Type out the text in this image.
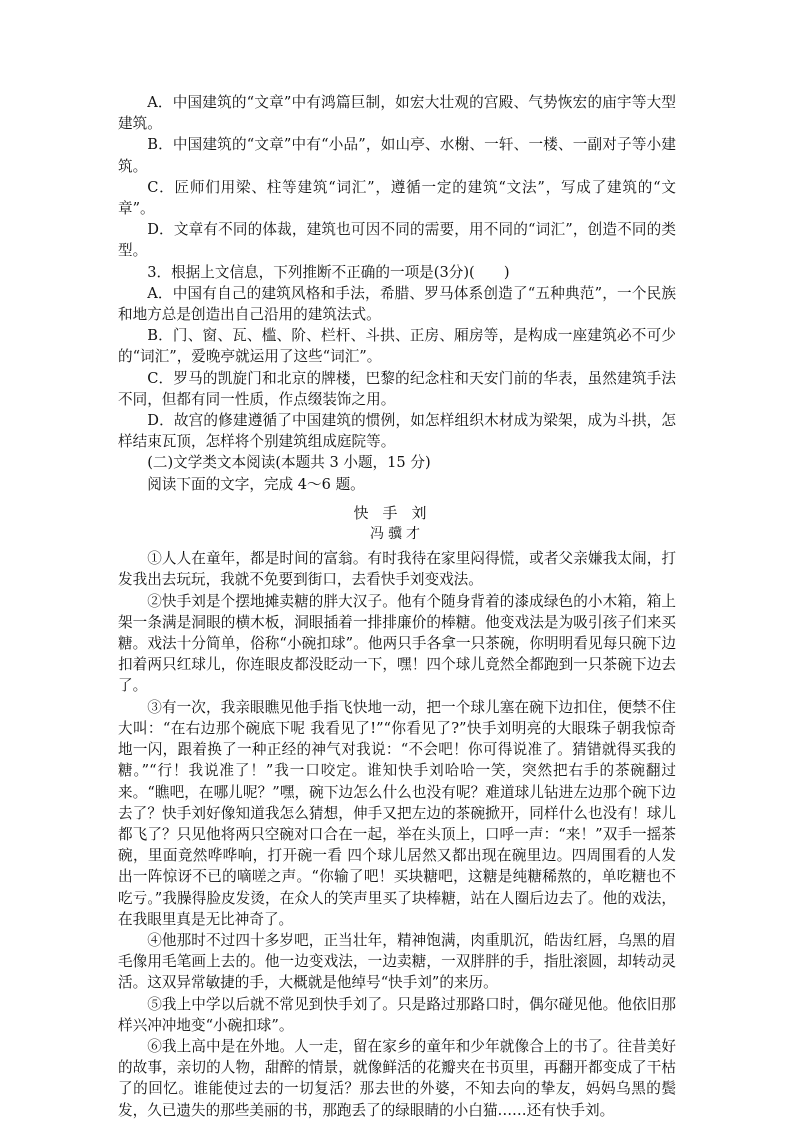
A．中国建筑的“文章”中有鸿篇巨制，如宏大壮观的宫殿、气势恢宏的庙宇等大型建筑。

B．中国建筑的“文章”中有“小品”，如山亭、水榭、一轩、一楼、一副对子等小建筑。

C．匠师们用梁、柱等建筑“词汇”，遵循一定的建筑“文法”，写成了建筑的“文章”。

D．文章有不同的体裁，建筑也可因不同的需要，用不同的“词汇”，创造不同的类型。

3．根据上文信息，下列推断不正确的一项是(3分)(　　)

A．中国有自己的建筑风格和手法，希腊、罗马体系创造了“五种典范”，一个民族和地方总是创造出自己沿用的建筑法式。

B．门、窗、瓦、槛、阶、栏杆、斗拱、正房、厢房等，是构成一座建筑必不可少的“词汇”，爱晚亭就运用了这些“词汇”。

C．罗马的凯旋门和北京的牌楼，巴黎的纪念柱和天安门前的华表，虽然建筑手法不同，但都有同一性质，作点缀装饰之用。

D．故宫的修建遵循了中国建筑的惯例，如怎样组织木材成为梁架，成为斗拱，怎样结束瓦顶，怎样将个别建筑组成庭院等。

(二)文学类文本阅读(本题共 3 小题，15 分)

阅读下面的文字，完成 4～6 题。

快手刘

冯骥才

①人人在童年，都是时间的富翁。有时我待在家里闷得慌，或者父亲嫌我太闹，打发我出去玩玩，我就不免要到街口，去看快手刘变戏法。

②快手刘是个摆地摊卖糖的胖大汉子。他有个随身背着的漆成绿色的小木箱，箱上架一条满是洞眼的横木板，洞眼插着一排排廉价的棒糖。他变戏法是为吸引孩子们来买糖。戏法十分简单，俗称“小碗扣球”。他两只手各拿一只茶碗，你明明看见每只碗下边扣着两只红球儿，你连眼皮都没眨动一下，嘿！四个球儿竟然全都跑到一只茶碗下边去了。

③有一次，我亲眼瞧见他手指飞快地一动，把一个球儿塞在碗下边扣住，便禁不住大叫：“在右边那个碗底下呢 我看见了!”“你看见了?”快手刘明亮的大眼珠子朝我惊奇地一闪，跟着换了一种正经的神气对我说：“不会吧！你可得说准了。猜错就得买我的糖。”“行！我说准了！”我一口咬定。谁知快手刘哈哈一笑，突然把右手的茶碗翻过来。“瞧吧，在哪儿呢？”嘿，碗下边怎么什么也没有呢？难道球儿钻进左边那个碗下边去了？快手刘好像知道我怎么猜想，伸手又把左边的茶碗掀开，同样什么也没有！球儿都飞了？只见他将两只空碗对口合在一起，举在头顶上，口呼一声：“来！”双手一摇茶碗，里面竟然哗哗响，打开碗一看 四个球儿居然又都出现在碗里边。四周围看的人发出一阵惊讶不已的嘀嗟之声。“你输了吧！买块糖吧，这糖是纯糖稀熬的，单吃糖也不吃亏。”我臊得脸皮发烫，在众人的笑声里买了块棒糖，站在人圈后边去了。他的戏法，在我眼里真是无比神奇了。

④他那时不过四十多岁吧，正当壮年，精神饱满，肉重肌沉，皓齿红唇，乌黑的眉毛像用毛笔画上去的。他一边变戏法，一边卖糖，一双胖胖的手，指肚滚圆，却转动灵活。这双异常敏捷的手，大概就是他绰号“快手刘”的来历。

⑤我上中学以后就不常见到快手刘了。只是路过那路口时，偶尔碰见他。他依旧那样兴冲冲地变“小碗扣球”。

⑥我上高中是在外地。人一走，留在家乡的童年和少年就像合上的书了。往昔美好的故事，亲切的人物，甜醉的情景，就像鲜活的花瓣夹在书页里，再翻开都变成了干枯了的回忆。谁能使过去的一切复活？那去世的外婆，不知去向的挚友，妈妈乌黑的鬓发，久已遗失的那些美丽的书，那跑丢了的绿眼睛的小白猫……还有快手刘。
